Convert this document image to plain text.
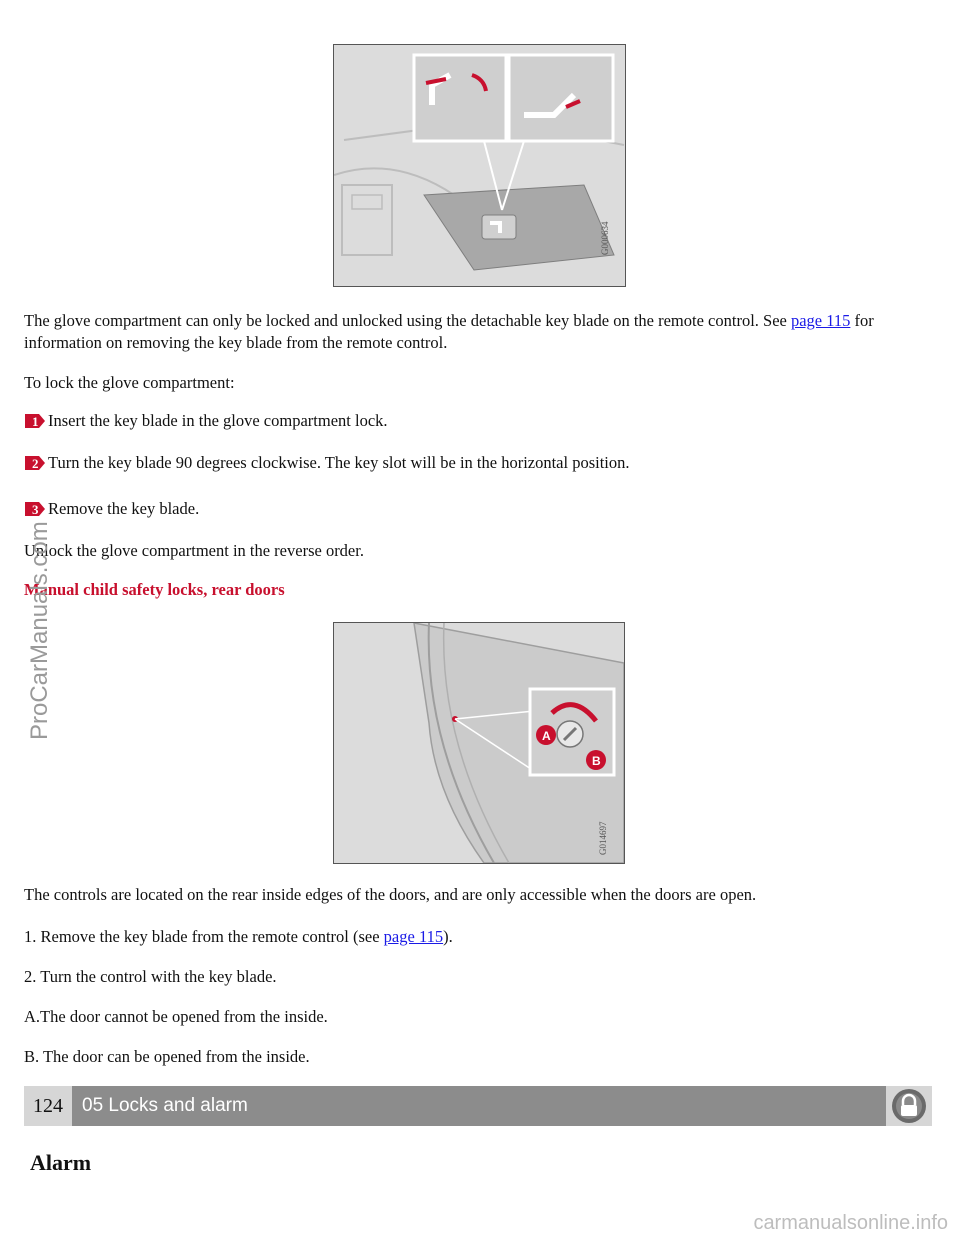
G000634

The glove compartment can only be locked and unlocked using the detachable key blade on the remote control. See page 115 for information on removing the key blade from the remote control.

To lock the glove compartment:

1 Insert the key blade in the glove compartment lock.
2 Turn the key blade 90 degrees clockwise. The key slot will be in the horizontal position.
3 Remove the key blade.

Unlock the glove compartment in the reverse order.

Manual child safety locks, rear doors
A
B
G014697

The controls are located on the rear inside edges of the doors, and are only accessible when the doors are open.

1. Remove the key blade from the remote control (see page 115).

2. Turn the control with the key blade.

A.The door cannot be opened from the inside.

B. The door can be opened from the inside.

124	05 Locks and alarm
Alarm
ProCarManuals.com
carmanualsonline.info
